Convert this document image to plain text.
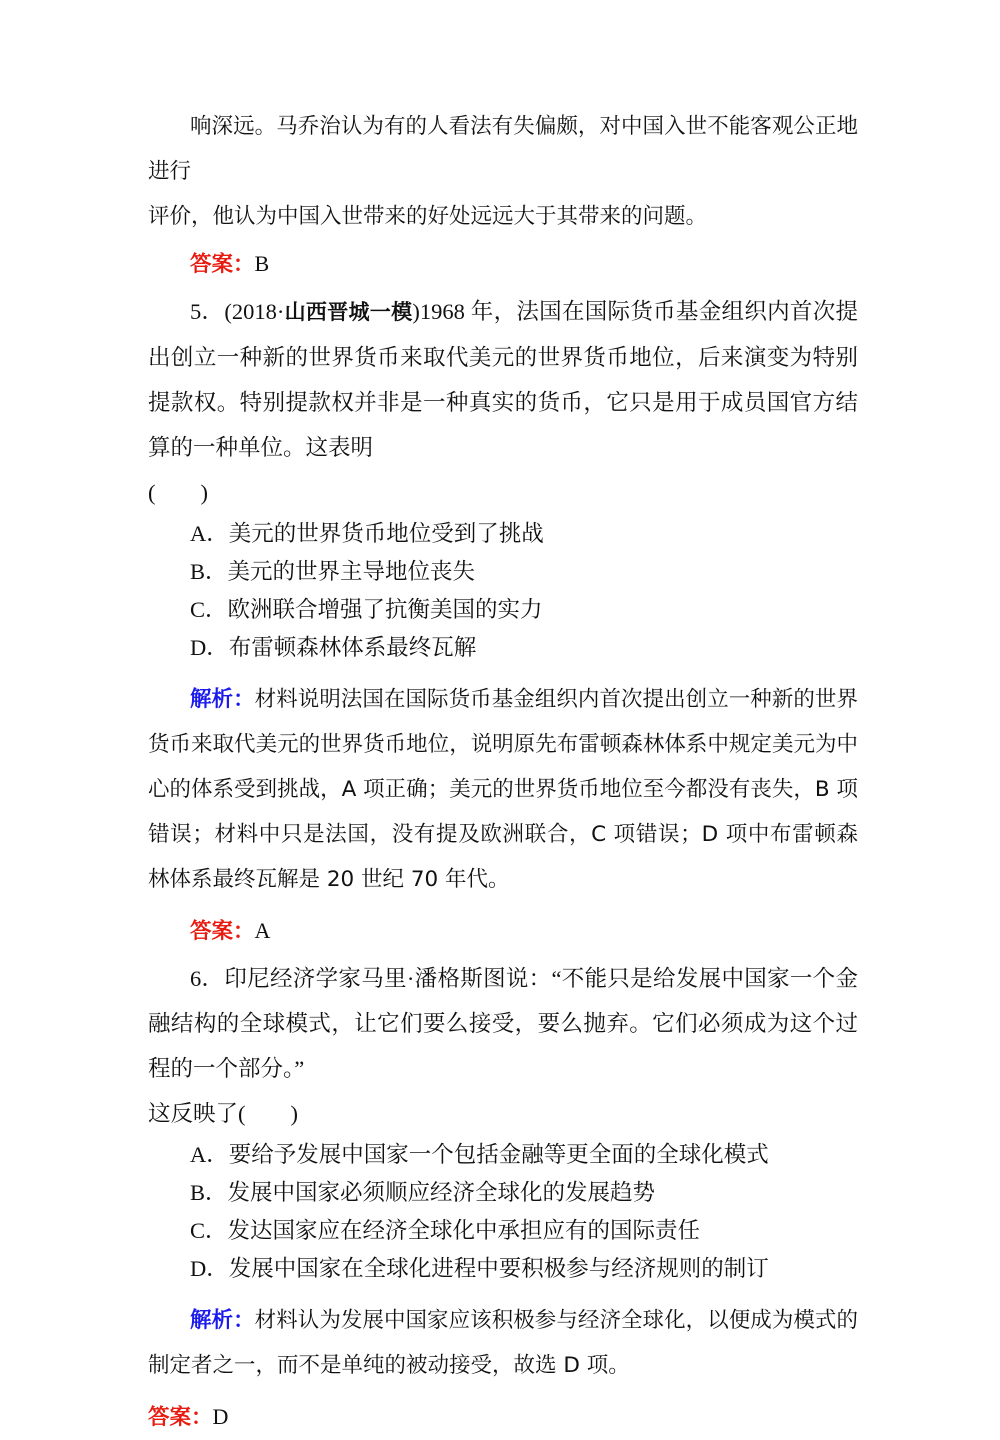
响深远。马乔治认为有的人看法有失偏颇，对中国入世不能客观公正地进行

评价，他认为中国入世带来的好处远远大于其带来的问题。

答案：B

5．(2018·山西晋城一模)1968 年，法国在国际货币基金组织内首次提出创立一种新的世界货币来取代美元的世界货币地位，后来演变为特别提款权。特别提款权并非是一种真实的货币，它只是用于成员国官方结算的一种单位。这表明

(　　)

A．美元的世界货币地位受到了挑战
B．美元的世界主导地位丧失
C．欧洲联合增强了抗衡美国的实力
D．布雷顿森林体系最终瓦解

解析：材料说明法国在国际货币基金组织内首次提出创立一种新的世界货币来取代美元的世界货币地位，说明原先布雷顿森林体系中规定美元为中心的体系受到挑战，A 项正确；美元的世界货币地位至今都没有丧失，B 项错误；材料中只是法国，没有提及欧洲联合，C 项错误；D 项中布雷顿森林体系最终瓦解是 20 世纪 70 年代。

答案：A

6．印尼经济学家马里·潘格斯图说：“不能只是给发展中国家一个金融结构的全球模式，让它们要么接受，要么抛弃。它们必须成为这个过程的一个部分。”

这反映了(　　)

A．要给予发展中国家一个包括金融等更全面的全球化模式
B．发展中国家必须顺应经济全球化的发展趋势
C．发达国家应在经济全球化中承担应有的国际责任
D．发展中国家在全球化进程中要积极参与经济规则的制订

解析：材料认为发展中国家应该积极参与经济全球化，以便成为模式的制定者之一，而不是单纯的被动接受，故选 D 项。

答案：D
